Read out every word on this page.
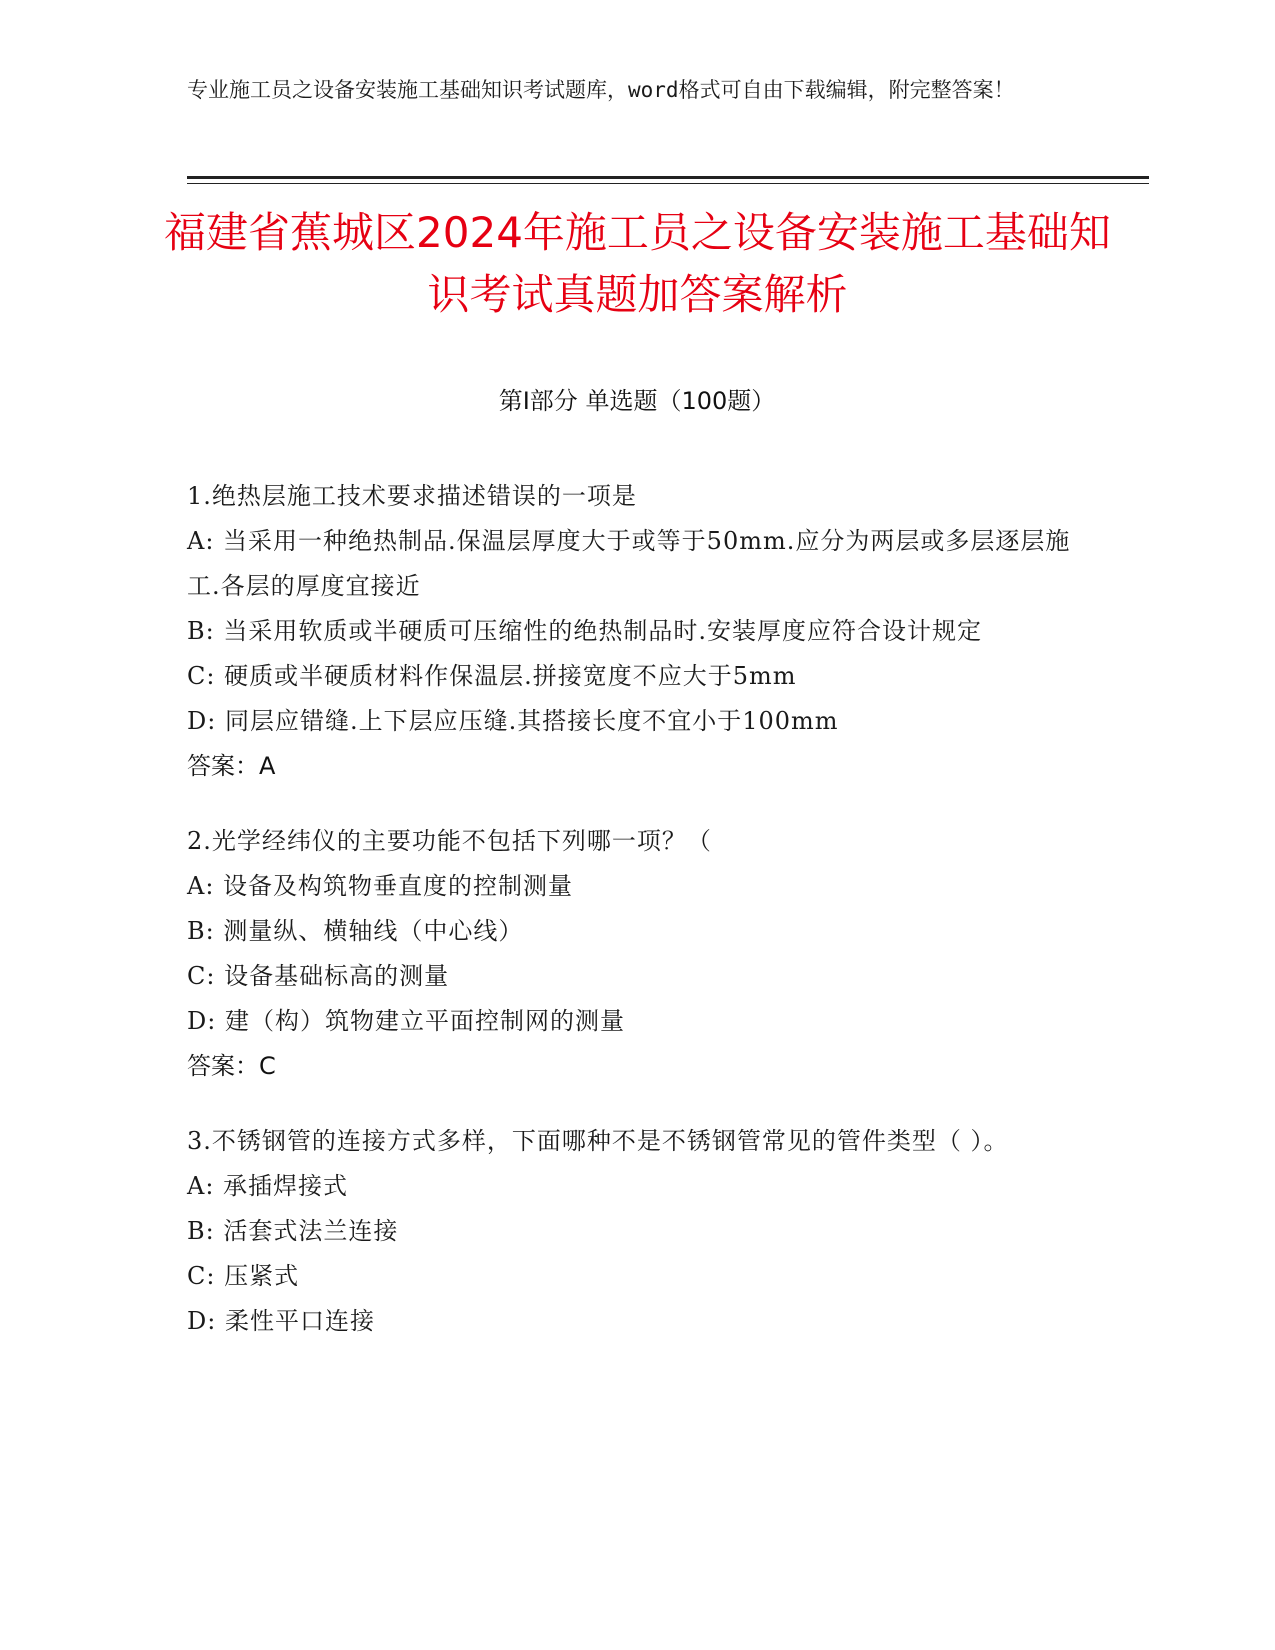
专业施工员之设备安装施工基础知识考试题库，word格式可自由下载编辑，附完整答案！
福建省蕉城区2024年施工员之设备安装施工基础知识考试真题加答案解析
第I部分 单选题（100题）
1.绝热层施工技术要求描述错误的一项是
A: 当采用一种绝热制品.保温层厚度大于或等于50mm.应分为两层或多层逐层施工.各层的厚度宜接近
B: 当采用软质或半硬质可压缩性的绝热制品时.安装厚度应符合设计规定
C: 硬质或半硬质材料作保温层.拼接宽度不应大于5mm
D: 同层应错缝.上下层应压缝.其搭接长度不宜小于100mm
答案：A
2.光学经纬仪的主要功能不包括下列哪一项？（
A: 设备及构筑物垂直度的控制测量
B: 测量纵、横轴线（中心线）
C: 设备基础标高的测量
D: 建（构）筑物建立平面控制网的测量
答案：C
3.不锈钢管的连接方式多样，下面哪种不是不锈钢管常见的管件类型（ ）。
A: 承插焊接式
B: 活套式法兰连接
C: 压紧式
D: 柔性平口连接
